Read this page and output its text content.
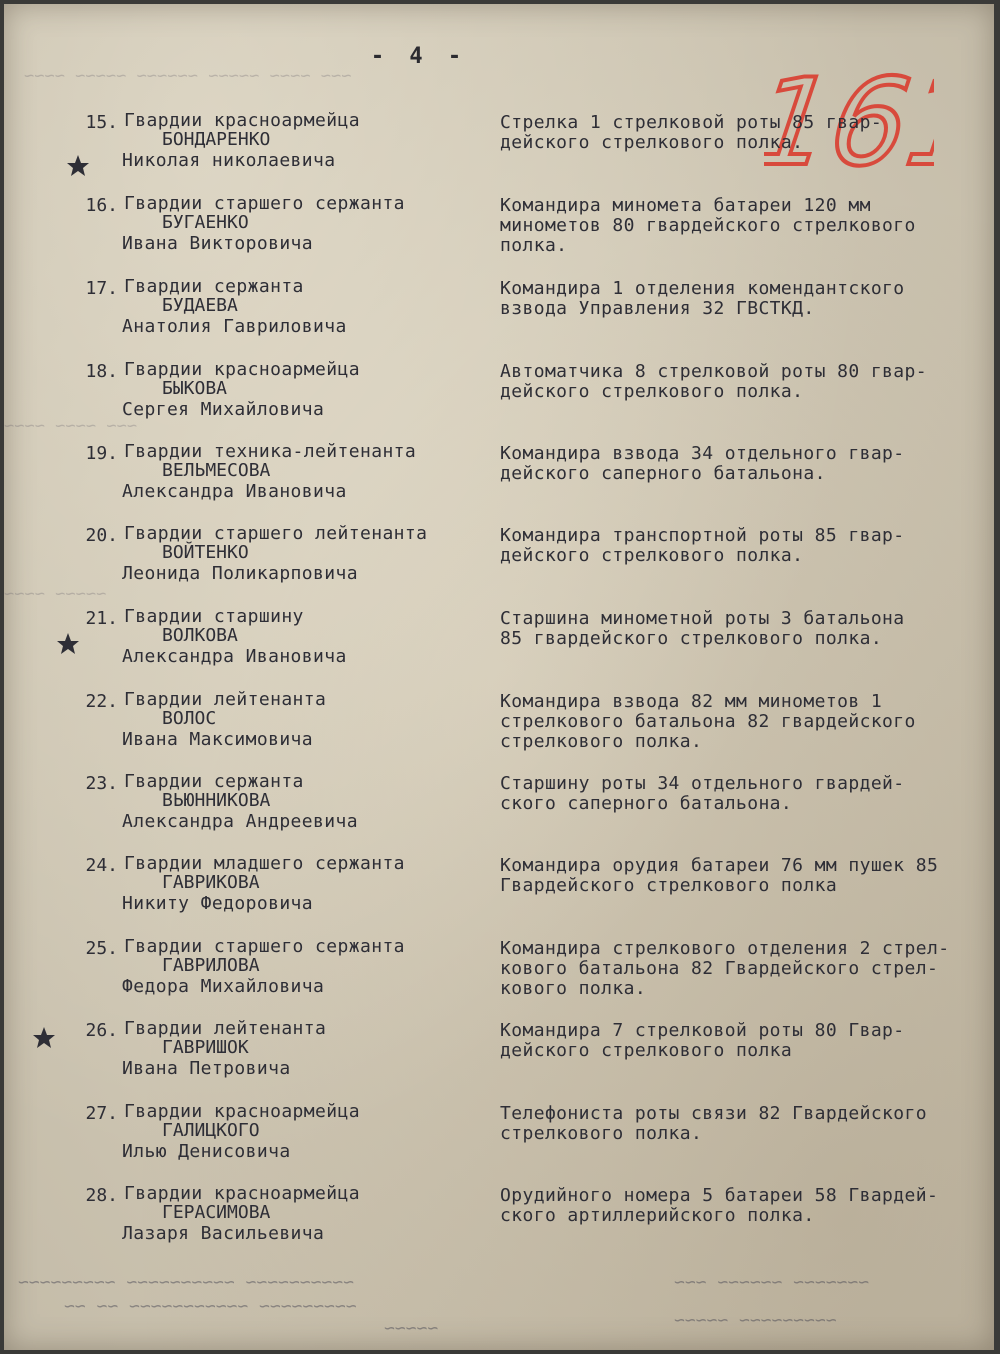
- 4 - 161
~~~ ~~~~ ~~~~~ ~~~~~~ ~~~~~ ~~~~
~~~ ~~~~ ~~~~
~~~~~ ~~~~
15. Гвардии красноармейца
БОНДАРЕНКО
Николая николаевича
Стрелка 1 стрелковой роты 85 гвар-
дейского стрелкового полка.
16. Гвардии старшего сержанта
БУГАЕНКО
Ивана Викторовича
Командира миномета батареи 120 мм
минометов 80 гвардейского стрелкового
полка.
17. Гвардии сержанта
БУДАЕВА
Анатолия Гавриловича
Командира 1 отделения комендантского
взвода Управления 32 ГВСТКД.
18. Гвардии красноармейца
БЫКОВА
Сергея Михайловича
Автоматчика 8 стрелковой роты 80 гвар-
дейского стрелкового полка.
19. Гвардии техника-лейтенанта
ВЕЛЬМЕСОВА
Александра Ивановича
Командира взвода 34 отдельного гвар-
дейского саперного батальона.
20. Гвардии старшего лейтенанта
ВОЙТЕНКО
Леонида Поликарповича
Командира транспортной роты 85 гвар-
дейского стрелкового полка.
21. Гвардии старшину
ВОЛКОВА
Александра Ивановича
Старшина минометной роты 3 батальона
85 гвардейского стрелкового полка.
22. Гвардии лейтенанта
ВОЛОС
Ивана Максимовича
Командира взвода 82 мм минометов 1
стрелкового батальона 82 гвардейского
стрелкового полка.
23. Гвардии сержанта
ВЬЮННИКОВА
Александра Андреевича
Старшину роты 34 отдельного гвардей-
ского саперного батальона.
24. Гвардии младшего сержанта
ГАВРИКОВА
Никиту Федоровича
Командира орудия батареи 76 мм пушек 85
Гвардейского стрелкового полка
25. Гвардии старшего сержанта
ГАВРИЛОВА
Федора Михайловича
Командира стрелкового отделения 2 стрел-
кового батальона 82 Гвардейского стрел-
кового полка.
26. Гвардии лейтенанта
ГАВРИШОК
Ивана Петровича
Командира 7 стрелковой роты 80 Гвар-
дейского стрелкового полка
27. Гвардии красноармейца
ГАЛИЦКОГО
Илью Денисовича
Телефониста роты связи 82 Гвардейского
стрелкового полка.
28. Гвардии красноармейца
ГЕРАСИМОВА
Лазаря Васильевича
Орудийного номера 5 батареи 58 Гвардей-
ского артиллерийского полка.
~~~~~~~~~~ ~~~~~~~~~~ ~~~~~~~~~
~~~~~~~~~ ~~~~~~~~~~~ ~~ ~~
~~~~~
~~~~~~~ ~~~~~~ ~~~
~~~~~~~~~ ~~~~~
